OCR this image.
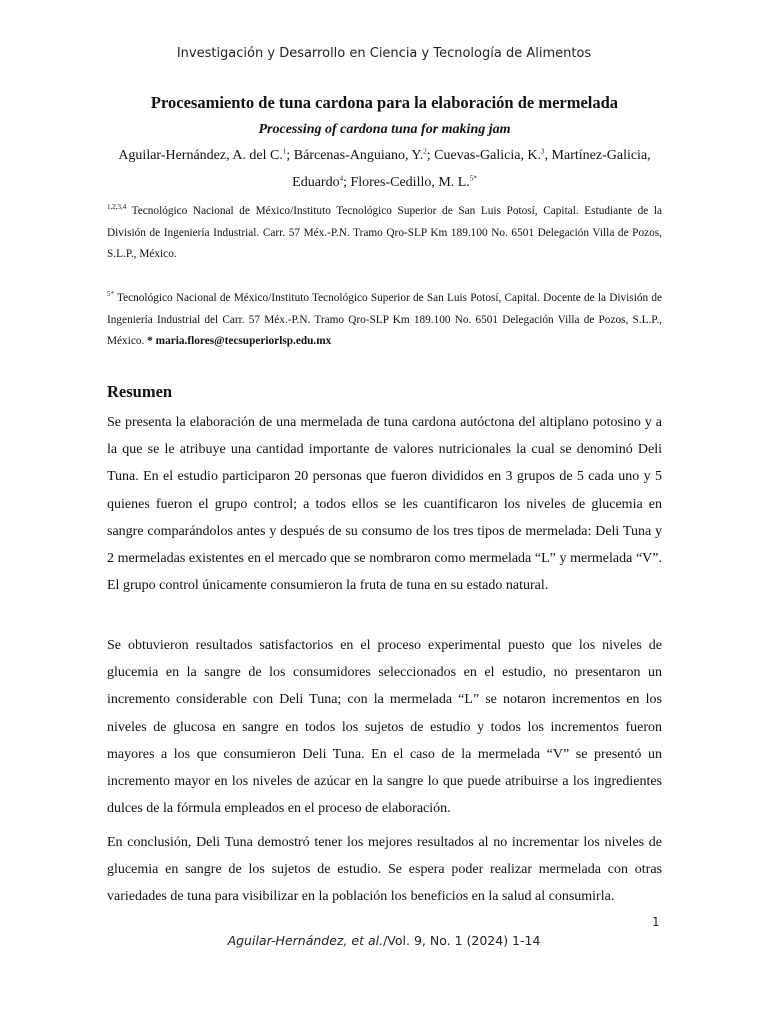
Investigación y Desarrollo en Ciencia y Tecnología de Alimentos
Procesamiento de tuna cardona para la elaboración de mermelada
Processing of cardona tuna for making jam
Aguilar-Hernández, A. del C.$^1$; Bárcenas-Anguiano, Y.$^2$; Cuevas-Galicia, K.$^3$, Martínez-Galicia, Eduardo$^4$; Flores-Cedillo, M. L.$^{5*}$
$^{1,2,3,4}$ Tecnológico Nacional de México/Instituto Tecnológico Superior de San Luis Potosí, Capital. Estudiante de la División de Ingeniería Industrial. Carr. 57 Méx.-P.N. Tramo Qro-SLP Km 189.100 No. 6501 Delegación Villa de Pozos, S.L.P., México.
$^{5*}$ Tecnológico Nacional de México/Instituto Tecnológico Superior de San Luis Potosí, Capital. Docente de la División de Ingeniería Industrial del Carr. 57 Méx.-P.N. Tramo Qro-SLP Km 189.100 No. 6501 Delegación Villa de Pozos, S.L.P., México. * maria.flores@tecsuperiorlsp.edu.mx
Resumen

Se presenta la elaboración de una mermelada de tuna cardona autóctona del altiplano potosino y a la que se le atribuye una cantidad importante de valores nutricionales la cual se denominó Deli Tuna. En el estudio participaron 20 personas que fueron divididos en 3 grupos de 5 cada uno y 5 quienes fueron el grupo control; a todos ellos se les cuantificaron los niveles de glucemia en sangre comparándolos antes y después de su consumo de los tres tipos de mermelada: Deli Tuna y 2 mermeladas existentes en el mercado que se nombraron como mermelada “L” y mermelada “V”. El grupo control únicamente consumieron la fruta de tuna en su estado natural.

Se obtuvieron resultados satisfactorios en el proceso experimental puesto que los niveles de glucemia en la sangre de los consumidores seleccionados en el estudio, no presentaron un incremento considerable con Deli Tuna; con la mermelada “L” se notaron incrementos en los niveles de glucosa en sangre en todos los sujetos de estudio y todos los incrementos fueron mayores a los que consumieron Deli Tuna. En el caso de la mermelada “V” se presentó un incremento mayor en los niveles de azúcar en la sangre lo que puede atribuirse a los ingredientes dulces de la fórmula empleados en el proceso de elaboración.

En conclusión, Deli Tuna demostró tener los mejores resultados al no incrementar los niveles de glucemia en sangre de los sujetos de estudio. Se espera poder realizar mermelada con otras variedades de tuna para visibilizar en la población los beneficios en la salud al consumirla.

1
Aguilar-Hernández, et al./Vol. 9, No. 1 (2024) 1-14
